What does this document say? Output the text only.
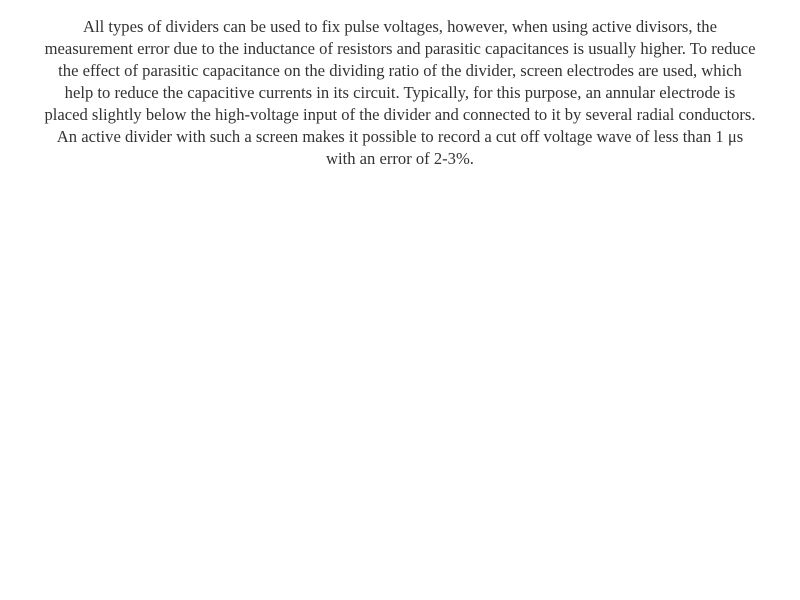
All types of dividers can be used to fix pulse voltages, however, when using active divisors, the measurement error due to the inductance of resistors and parasitic capacitances is usually higher. To reduce the effect of parasitic capacitance on the dividing ratio of the divider, screen electrodes are used, which help to reduce the capacitive currents in its circuit. Typically, for this purpose, an annular electrode is placed slightly below the high-voltage input of the divider and connected to it by several radial conductors. An active divider with such a screen makes it possible to record a cut off voltage wave of less than 1 μs with an error of 2-3%.
